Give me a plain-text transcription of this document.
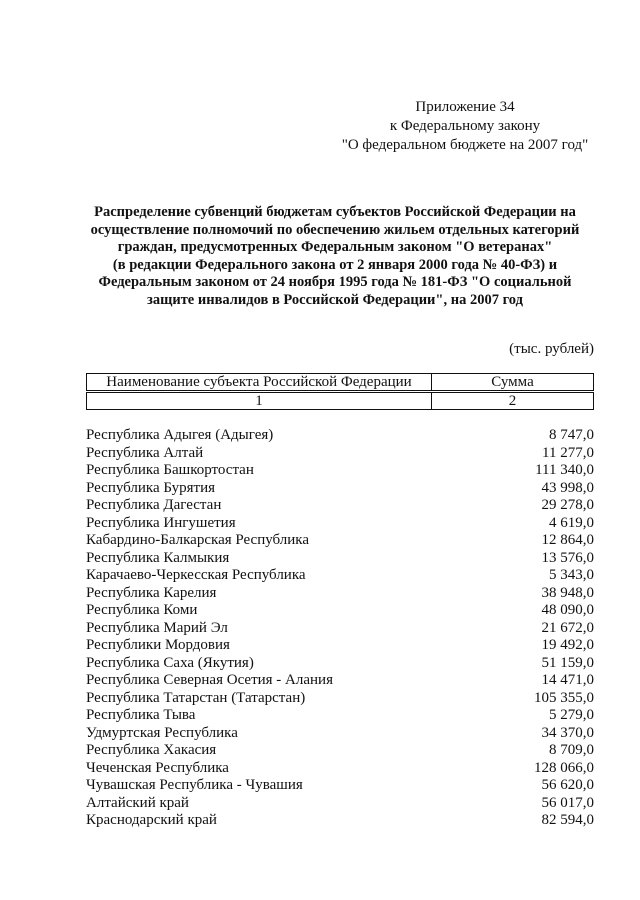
Приложение 34
к Федеральному закону
"О федеральном бюджете на 2007 год"
Распределение субвенций бюджетам субъектов Российской Федерации на
осуществление полномочий по обеспечению жильем отдельных категорий
граждан, предусмотренных Федеральным законом "О ветеранах"
(в редакции Федерального закона от 2 января 2000 года № 40-ФЗ) и
Федеральным законом от 24 ноября 1995 года № 181-ФЗ "О социальной
защите инвалидов в Российской Федерации", на 2007 год
(тыс. рублей)
Наименование субъекта Российской Федерации	Сумма
1	2
Республика Адыгея (Адыгея)	8 747,0
Республика Алтай	11 277,0
Республика Башкортостан	111 340,0
Республика Бурятия	43 998,0
Республика Дагестан	29 278,0
Республика Ингушетия	4 619,0
Кабардино-Балкарская Республика	12 864,0
Республика Калмыкия	13 576,0
Карачаево-Черкесская Республика	5 343,0
Республика Карелия	38 948,0
Республика Коми	48 090,0
Республика Марий Эл	21 672,0
Республики Мордовия	19 492,0
Республика Саха (Якутия)	51 159,0
Республика Северная Осетия - Алания	14 471,0
Республика Татарстан (Татарстан)	105 355,0
Республика Тыва	5 279,0
Удмуртская Республика	34 370,0
Республика Хакасия	8 709,0
Чеченская Республика	128 066,0
Чувашская Республика - Чувашия	56 620,0
Алтайский край	56 017,0
Краснодарский край	82 594,0
